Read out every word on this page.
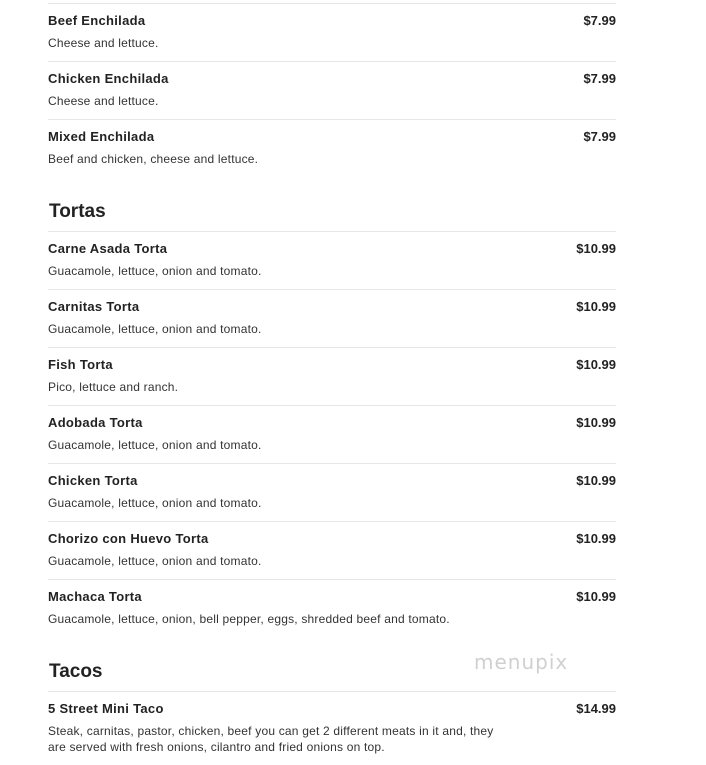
Beef Enchilada	$7.99
Cheese and lettuce.
Chicken Enchilada	$7.99
Cheese and lettuce.
Mixed Enchilada	$7.99
Beef and chicken, cheese and lettuce.
Tortas
Carne Asada Torta	$10.99
Guacamole, lettuce, onion and tomato.
Carnitas Torta	$10.99
Guacamole, lettuce, onion and tomato.
Fish Torta	$10.99
Pico, lettuce and ranch.
Adobada Torta	$10.99
Guacamole, lettuce, onion and tomato.
Chicken Torta	$10.99
Guacamole, lettuce, onion and tomato.
Chorizo con Huevo Torta	$10.99
Guacamole, lettuce, onion and tomato.
Machaca Torta	$10.99
Guacamole, lettuce, onion, bell pepper, eggs, shredded beef and tomato.
Tacos
5 Street Mini Taco	$14.99
Steak, carnitas, pastor, chicken, beef you can get 2 different meats in it and, they are served with fresh onions, cilantro and fried onions on top.
menupix
